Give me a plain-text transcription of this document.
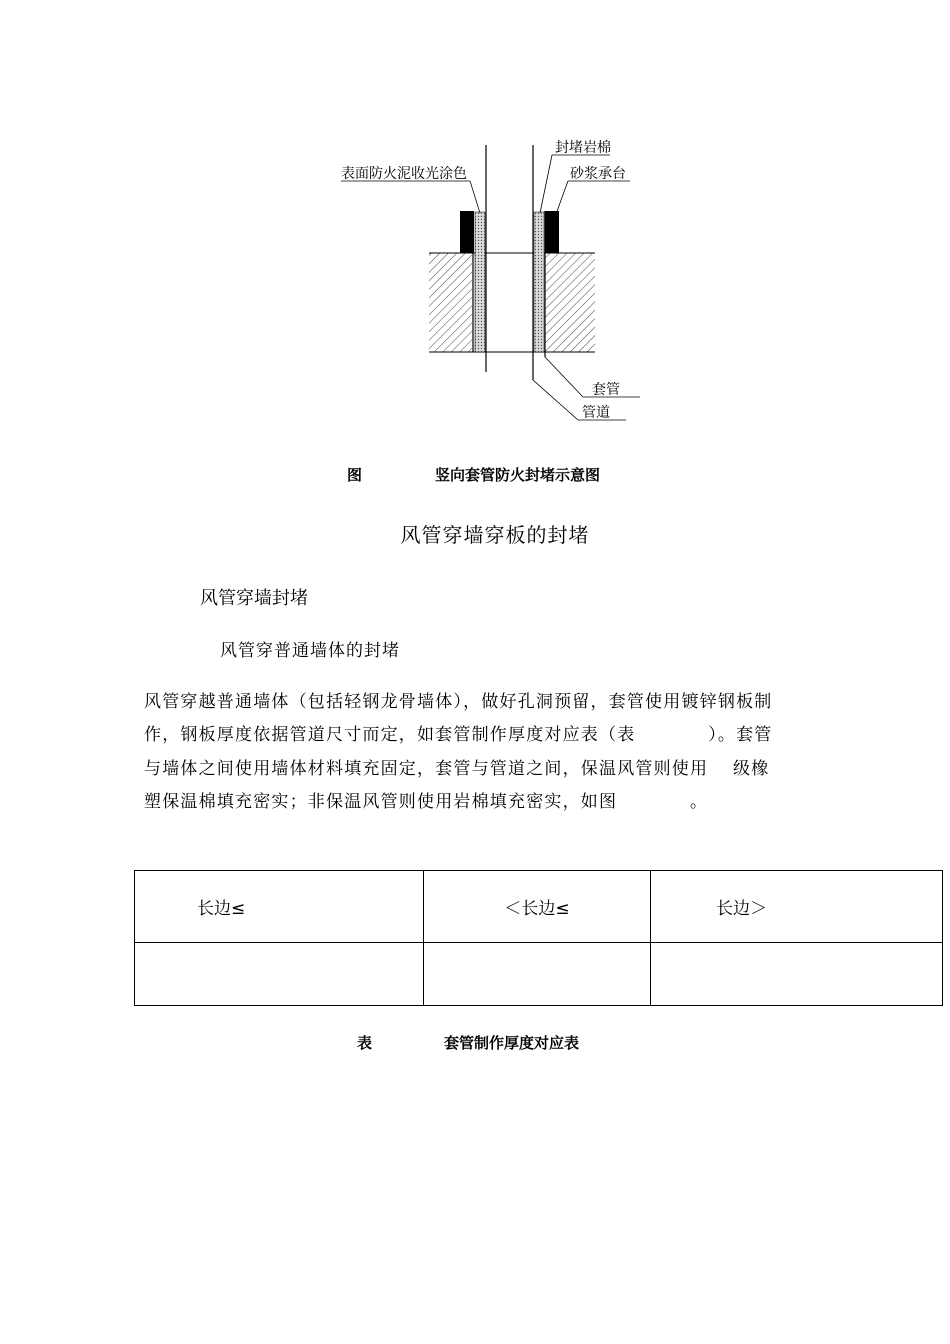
表面防火泥收光涂色
封堵岩棉
砂浆承台
套管
管道
图	竖向套管防火封堵示意图
风管穿墙穿板的封堵
风管穿墙封堵
风管穿普通墙体的封堵
风管穿越普通墙体（包括轻钢龙骨墙体），做好孔洞预留，套管使用镀锌钢板制
作，钢板厚度依据管道尺寸而定，如套管制作厚度对应表（表　　　　）。套管
与墙体之间使用墙体材料填充固定，套管与管道之间，保温风管则使用　 级橡
塑保温棉填充密实；非保温风管则使用岩棉填充密实，如图　　　　。
长边≤	＜长边≤	长边＞

表	套管制作厚度对应表
